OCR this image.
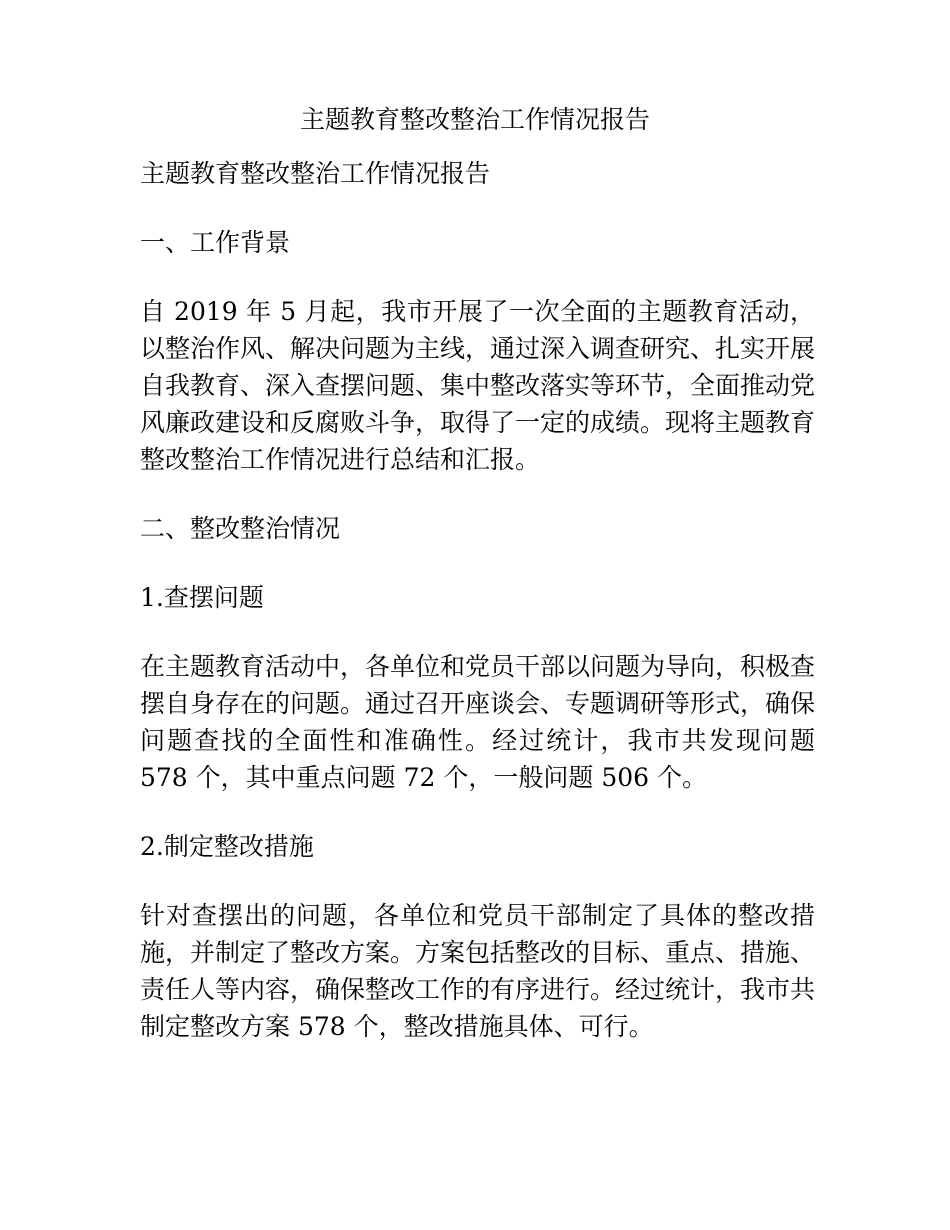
主题教育整改整治工作情况报告

主题教育整改整治工作情况报告

一、工作背景

自 2019 年 5 月起，我市开展了一次全面的主题教育活动，以整治作风、解决问题为主线，通过深入调查研究、扎实开展自我教育、深入查摆问题、集中整改落实等环节，全面推动党风廉政建设和反腐败斗争，取得了一定的成绩。现将主题教育整改整治工作情况进行总结和汇报。

二、整改整治情况

1.查摆问题

在主题教育活动中，各单位和党员干部以问题为导向，积极查摆自身存在的问题。通过召开座谈会、专题调研等形式，确保问题查找的全面性和准确性。经过统计，我市共发现问题 578 个，其中重点问题 72 个，一般问题 506 个。

2.制定整改措施

针对查摆出的问题，各单位和党员干部制定了具体的整改措施，并制定了整改方案。方案包括整改的目标、重点、措施、责任人等内容，确保整改工作的有序进行。经过统计，我市共制定整改方案 578 个，整改措施具体、可行。
